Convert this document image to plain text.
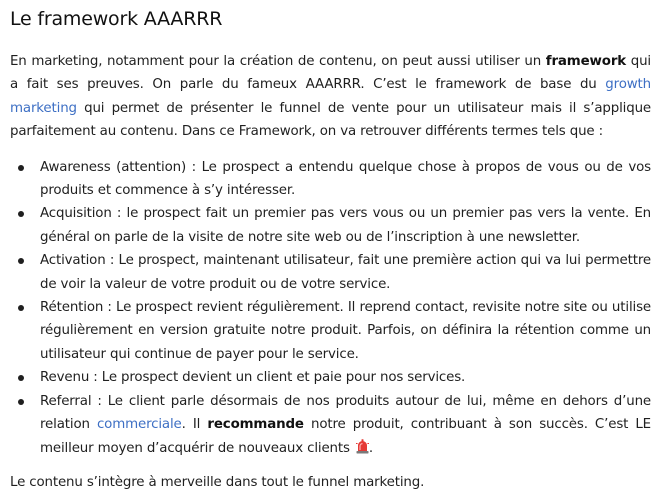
Le framework AAARRR

En marketing, notamment pour la création de contenu, on peut aussi utiliser un framework qui a fait ses preuves. On parle du fameux AAARRR. C’est le framework de base du growth marketing qui permet de présenter le funnel de vente pour un utilisateur mais il s’applique parfaitement au contenu. Dans ce Framework, on va retrouver différents termes tels que :

Awareness (attention) : Le prospect a entendu quelque chose à propos de vous ou de vos produits et commence à s’y intéresser.
Acquisition : le prospect fait un premier pas vers vous ou un premier pas vers la vente. En général on parle de la visite de notre site web ou de l’inscription à une newsletter.
Activation : Le prospect, maintenant utilisateur, fait une première action qui va lui permettre de voir la valeur de votre produit ou de votre service.
Rétention : Le prospect revient régulièrement. Il reprend contact, revisite notre site ou utilise régulièrement en version gratuite notre produit. Parfois, on définira la rétention comme un utilisateur qui continue de payer pour le service.
Revenu : Le prospect devient un client et paie pour nos services.
Referral : Le client parle désormais de nos produits autour de lui, même en dehors d’une relation commerciale. Il recommande notre produit, contribuant à son succès. C’est LE meilleur moyen d’acquérir de nouveaux clients
.

Le contenu s’intègre à merveille dans tout le funnel marketing.
